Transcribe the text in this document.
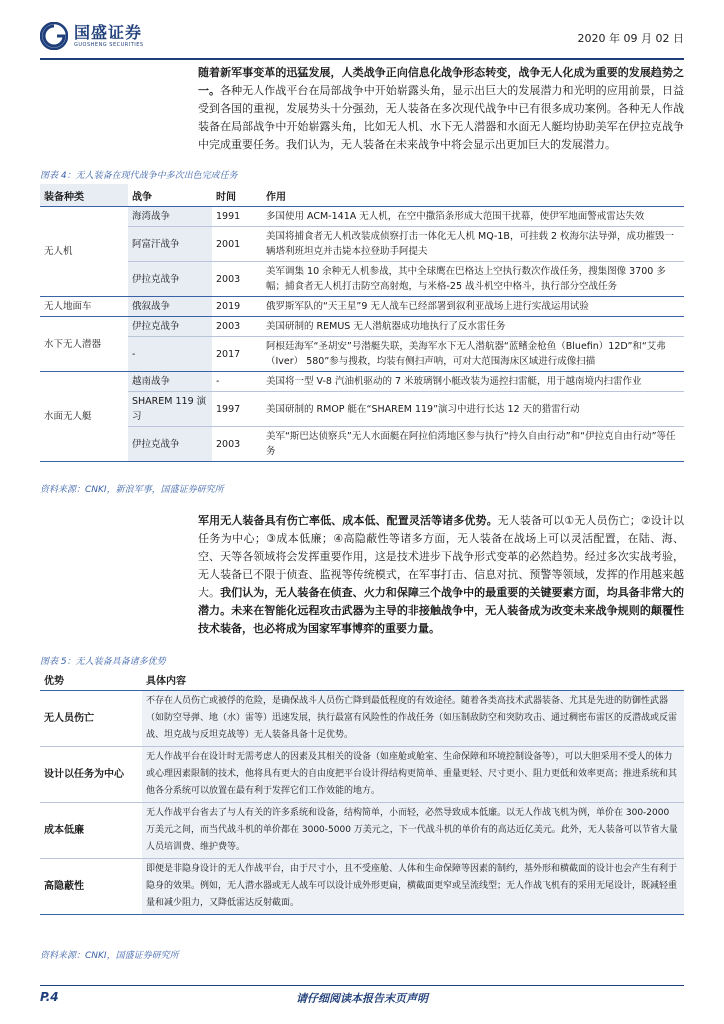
国盛证券
GUOSHENG SECURITIES	2020 年 09 月 02 日
随着新军事变革的迅猛发展，人类战争正向信息化战争形态转变，战争无人化成为重要的发展趋势之一。各种无人作战平台在局部战争中开始崭露头角，显示出巨大的发展潜力和光明的应用前景，日益受到各国的重视，发展势头十分强劲，无人装备在多次现代战争中已有很多成功案例。各种无人作战装备在局部战争中开始崭露头角，比如无人机、水下无人潜器和水面无人艇均协助美军在伊拉克战争中完成重要任务。我们认为，无人装备在未来战争中将会显示出更加巨大的发展潜力。
图表 4：无人装备在现代战争中多次出色完成任务
装备种类	战争	时间	作用
无人机	海湾战争	1991	多国使用 ACM-141A 无人机，在空中撒箔条形成大范围干扰幕，使伊军地面警戒雷达失效
	阿富汗战争	2001	美国将捕食者无人机改装成侦察打击一体化无人机 MQ-1B，可挂载 2 枚海尔法导弹，成功摧毁一辆塔利班坦克并击毙本拉登助手阿提夫
	伊拉克战争	2003	美军调集 10 余种无人机参战，其中全球鹰在巴格达上空执行数次作战任务，搜集图像 3700 多幅；捕食者无人机打击防空高射炮，与米格-25 战斗机空中格斗，执行部分空战任务
无人地面车	俄叙战争	2019	俄罗斯军队的“天王星”9 无人战车已经部署到叙利亚战场上进行实战运用试验
水下无人潜器	伊拉克战争	2003	美国研制的 REMUS 无人潜航器成功地执行了反水雷任务
	-	2017	阿根廷海军“圣胡安”号潜艇失联，美海军水下无人潜航器“蓝鳍金枪鱼（Bluefin）12D”和“艾弗（Iver） 580”参与搜救，均装有侧扫声呐，可对大范围海床区域进行成像扫描
水面无人艇	越南战争	-	美国将一型 V-8 汽油机驱动的 7 米玻璃钢小艇改装为遥控扫雷艇，用于越南境内扫雷作业
	SHAREM 119 演习	1997	美国研制的 RMOP 艇在“SHAREM 119”演习中进行长达 12 天的猎雷行动
	伊拉克战争	2003	美军“斯巴达侦察兵”无人水面艇在阿拉伯湾地区参与执行“持久自由行动”和“伊拉克自由行动”等任务
资料来源：CNKI，新浪军事，国盛证券研究所
军用无人装备具有伤亡率低、成本低、配置灵活等诸多优势。无人装备可以①无人员伤亡；②设计以任务为中心；③成本低廉；④高隐蔽性等诸多方面，无人装备在战场上可以灵活配置，在陆、海、空、天等各领域将会发挥重要作用，这是技术进步下战争形式变革的必然趋势。经过多次实战考验，无人装备已不限于侦查、监视等传统模式，在军事打击、信息对抗、预警等领域，发挥的作用越来越大。我们认为，无人装备在侦查、火力和保障三个战争中的最重要的关键要素方面，均具备非常大的潜力。未来在智能化远程攻击武器为主导的非接触战争中，无人装备成为改变未来战争规则的颠覆性技术装备，也必将成为国家军事博弈的重要力量。
图表 5：无人装备具备诸多优势
优势	具体内容
无人员伤亡	不存在人员伤亡或被俘的危险，是确保战斗人员伤亡降到最低程度的有效途径。随着各类高技术武器装备、尤其是先进的防御性武器（如防空导弹、地（水）雷等）迅速发展，执行最富有风险性的作战任务（如压制敌防空和突防攻击、通过稠密布雷区的反潜战或反雷战、坦克战与反坦克战等）无人装备具备十足优势。
设计以任务为中心	无人作战平台在设计时无需考虑人的因素及其相关的设备（如座舱或舱室、生命保障和环境控制设备等），可以大胆采用不受人的体力或心理因素限制的技术，他将具有更大的自由度把平台设计得结构更简单、重量更轻、尺寸更小、阻力更低和效率更高；推进系统和其他各分系统可以放置在最有利于发挥它们工作效能的地方。
成本低廉	无人作战平台省去了与人有关的许多系统和设备，结构简单，小而轻，必然导致成本低廉。以无人作战飞机为例，单价在 300-2000 万美元之间，而当代战斗机的单价都在 3000-5000 万美元之，下一代战斗机的单价有的高达近亿美元。此外，无人装备可以节省大量人员培训费、维护费等。
高隐蔽性	即便是非隐身设计的无人作战平台，由于尺寸小，且不受座舱、人体和生命保障等因素的制约，基外形和横截面的设计也会产生有利于隐身的效果。例如，无人潜水器或无人战车可以设计成外形更扁，横截面更窄或呈流线型；无人作战飞机有的采用无尾设计，既减轻重量和减少阻力，又降低雷达反射截面。
资料来源：CNKI，国盛证券研究所
P.4	请仔细阅读本报告末页声明
